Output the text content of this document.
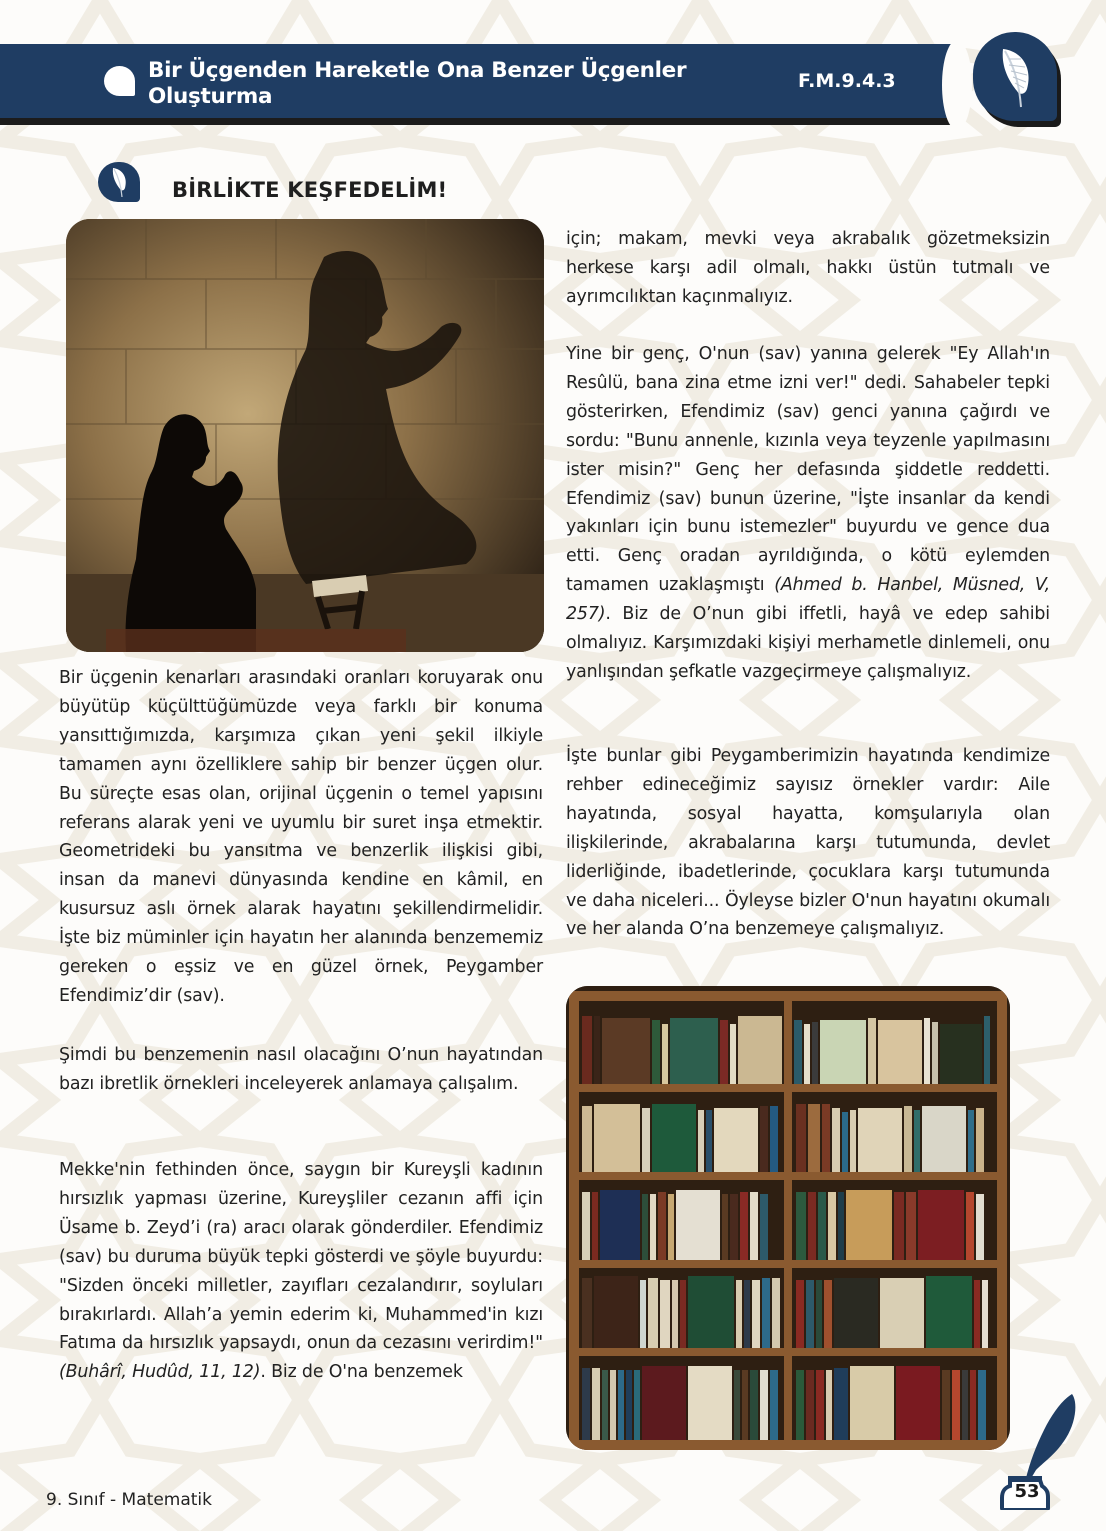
Bir Üçgenden Hareketle Ona Benzer Üçgenler
Oluşturma
F.M.9.4.3
BİRLİKTE KEŞFEDELİM!
Bir üçgenin kenarları arasındaki oranları koruyarak onu büyütüp küçülttüğümüzde veya farklı bir konuma yansıttığımızda, karşımıza çıkan yeni şekil ilkiyle tamamen aynı özelliklere sahip bir benzer üçgen olur. Bu süreçte esas olan, orijinal üçgenin o temel yapısını referans alarak yeni ve uyumlu bir suret inşa etmektir. Geometrideki bu yansıtma ve benzerlik ilişkisi gibi, insan da manevi dünyasında kendine en kâmil, en kusursuz aslı örnek alarak hayatını şekillendirmelidir. İşte biz müminler için hayatın her alanında benzememiz gereken o eşsiz ve en güzel örnek, Peygamber Efendimiz’dir (sav).
Şimdi bu benzemenin nasıl olacağını O’nun hayatından bazı ibretlik örnekleri inceleyerek anlamaya çalışalım.
Mekke'nin fethinden önce, saygın bir Kureyşli kadının hırsızlık yapması üzerine, Kureyşliler cezanın affi için Üsame b. Zeyd’i (ra) aracı olarak gönderdiler. Efendimiz (sav) bu duruma büyük tepki gösterdi ve şöyle buyurdu: "Sizden önceki milletler, zayıfları cezalandırır, soyluları bırakırlardı. Allah’a yemin ederim ki, Muhammed'in kızı Fatıma da hırsızlık yapsaydı, onun da cezasını verirdim!" (Buhârî, Hudûd, 11, 12). Biz de O'na benzemek
için; makam, mevki veya akrabalık gözetmeksizin herkese karşı adil olmalı, hakkı üstün tutmalı ve ayrımcılıktan kaçınmalıyız.
Yine bir genç, O'nun (sav) yanına gelerek "Ey Allah'ın Resûlü, bana zina etme izni ver!" dedi. Sahabeler tepki gösterirken, Efendimiz (sav) genci yanına çağırdı ve sordu: "Bunu annenle, kızınla veya teyzenle yapılmasını ister misin?" Genç her defasında şiddetle reddetti. Efendimiz (sav) bunun üzerine, "İşte insanlar da kendi yakınları için bunu istemezler" buyurdu ve gence dua etti. Genç oradan ayrıldığında, o kötü eylemden tamamen uzaklaşmıştı (Ahmed b. Hanbel, Müsned, V, 257). Biz de O’nun gibi iffetli, hayâ ve edep sahibi olmalıyız. Karşımızdaki kişiyi merhametle dinlemeli, onu yanlışından şefkatle vazgeçirmeye çalışmalıyız.
İşte bunlar gibi Peygamberimizin hayatında kendimize rehber edineceğimiz sayısız örnekler vardır: Aile hayatında, sosyal hayatta, komşularıyla olan ilişkilerinde, akrabalarına karşı tutumunda, devlet liderliğinde, ibadetlerinde, çocuklara karşı tutumunda ve daha niceleri... Öyleyse bizler O'nun hayatını okumalı ve her alanda O’na benzemeye çalışmalıyız.
9. Sınıf - Matematik	53
